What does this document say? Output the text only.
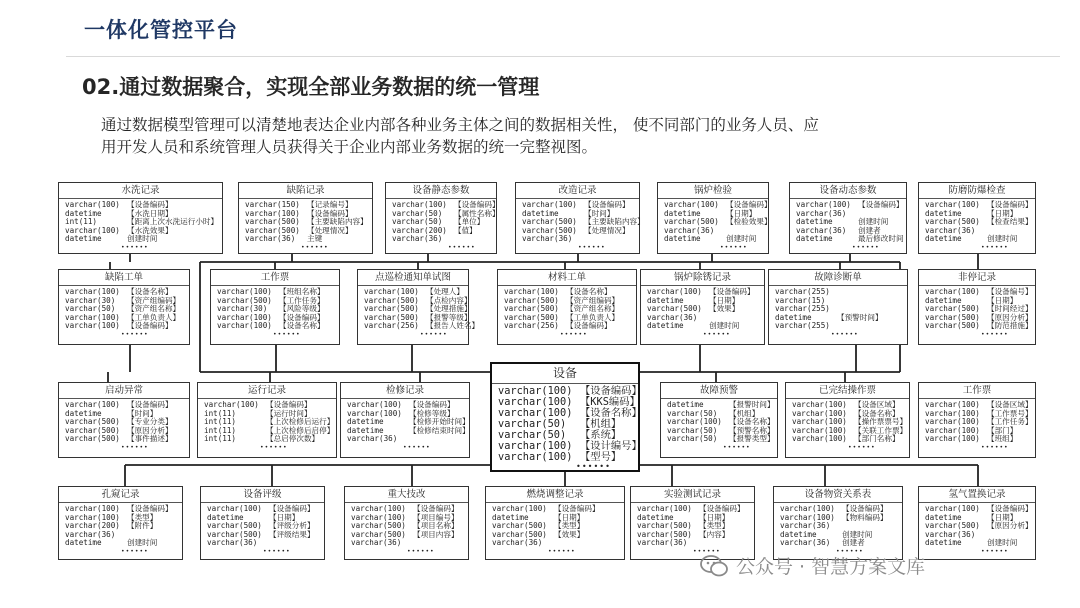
一体化管控平台
02.通过数据聚合，实现全部业务数据的统一管理
通过数据模型管理可以清楚地表达企业内部各种业务主体之间的数据相关性， 使不同部门的业务人员、应
用开发人员和系统管理人员获得关于企业内部业务数据的统一完整视图。
水洗记录
varchar(100) 【设备编码】
datetime	【水洗日期】
int(11)	【距离上次水洗运行小时】
varchar(100) 【水洗效果】
datetime	创建时间
••••••
缺陷记录
varchar(150) 【记录编号】
varchar(100) 【设备编码】
varchar(500) 【主要缺陷内容】
varchar(500) 【处理情况】
varchar(36)	主键
••••••
设备静态参数
varchar(100) 【设备编码】
varchar(50)	【属性名称】
varchar(50)	【单位】
varchar(200) 【值】
varchar(36)
••••••
改造记录
varchar(100) 【设备编码】
datetime	【时间】
varchar(500) 【主要缺陷内容】
varchar(500) 【处理情况】
varchar(36)
••••••
锅炉检验
varchar(100) 【设备编码】
datetime	【日期】
varchar(500) 【检验效果】
varchar(36)
datetime	创建时间
••••••
设备动态参数
varchar(100) 【设备编码】
varchar(36)
datetime	创建时间
varchar(36)	创建者
datetime	最后修改时间
••••••
防磨防爆检查
varchar(100) 【设备编码】
datetime	【日期】
varchar(500) 【检查结果】
varchar(36)
datetime	创建时间
••••••
缺陷工单
varchar(100) 【设备名称】
varchar(30)	【资产组编码】
varchar(50)	【资产组名称】
varchar(100) 【工单负责人】
varchar(100) 【设备编码】
••••••
工作票
varchar(100) 【班组名称】
varchar(500) 【工作任务】
varchar(30)	【风险等级】
varchar(100) 【设备编码】
varchar(100) 【设备名称】
••••••
点巡检通知单试图
varchar(100) 【处理人】
varchar(500) 【点检内容】
varchar(500) 【处理措施】
varchar(500) 【报警等级】
varchar(256) 【报告人姓名】
••••••
材料工单
varchar(100) 【设备名称】
varchar(500) 【资产组编码】
varchar(500) 【资产组名称】
varchar(500) 【工单负责人】
varchar(256) 【设备编码】
••••••
锅炉除锈记录
varchar(100) 【设备编码】
datetime	【日期】
varchar(500) 【效果】
varchar(36)
datetime	创建时间
••••••
故障诊断单
varchar(255)
varchar(15)
varchar(255)
datetime	【预警时间】
varchar(255)
••••••
非停记录
varchar(100) 【设备编号】
datetime	【日期】
varchar(500) 【时间经过】
varchar(500) 【原因分析】
varchar(500) 【防范措施】
••••••
启动异常
varchar(100) 【设备编码】
datetime	【时间】
varchar(500) 【专业分类】
varchar(500) 【原因分析】
varchar(500) 【事件描述】
••••••
运行记录
varchar(100) 【设备编码】
int(11)	【运行时间】
int(11)	【上次检修后运行】
int(11)	【上次检修后启停】
int(11)	【总启停次数】
••••••
检修记录
varchar(100) 【设备编码】
varchar(100) 【检修等级】
datetime	【检修开始时间】
datetime	【检修结束时间】
varchar(36)
••••••
设备
varchar(100) 【设备编码】
varchar(100) 【KKS编码】
varchar(100) 【设备名称】
varchar(50)	【机组】
varchar(50)	【系统】
varchar(100) 【设计编号】
varchar(100) 【型号】
••••••
故障预警
datetime	【报警时间】
varchar(50)	【机组】
varchar(100) 【设备名称】
varchar(50)	【预警名称】
varchar(50)	【报警类型】
••••••
已完结操作票
varchar(100) 【设备区域】
varchar(100) 【设备名称】
varchar(100) 【操作票票号】
varchar(100) 【关联工作票】
varchar(100) 【部门名称】
••••••
工作票
varchar(100) 【设备区域】
varchar(100) 【工作票号】
varchar(100) 【工作任务】
varchar(100) 【部门】
varchar(100) 【班组】
••••••
孔窥记录
varchar(100) 【设备编码】
varchar(100) 【类型】
varchar(200) 【附件】
varchar(36)
datetime	创建时间
••••••
设备评级
varchar(100) 【设备编码】
datetime	【日期】
varchar(500) 【评级分析】
varchar(500) 【评级结果】
varchar(36)
••••••
重大技改
varchar(100) 【设备编码】
varchar(100) 【项目编号】
varchar(500) 【项目名称】
varchar(500) 【项目内容】
varchar(36)
••••••
燃烧调整记录
varchar(100) 【设备编码】
datetime	【日期】
varchar(500) 【类型】
varchar(500) 【效果】
varchar(36)
••••••
实验测试记录
varchar(100) 【设备编码】
datetime	【日期】
varchar(500) 【类型】
varchar(500) 【内容】
varchar(36)
••••••
设备物资关系表
varchar(100) 【设备编码】
varchar(100) 【物料编码】
varchar(36)
datetime	创建时间
varchar(36)	创建者
••••••
氢气置换记录
varchar(100) 【设备编码】
datetime	【日期】
varchar(500) 【原因分析】
varchar(36)
datetime	创建时间
••••••
公众号 · 智慧方案文库
